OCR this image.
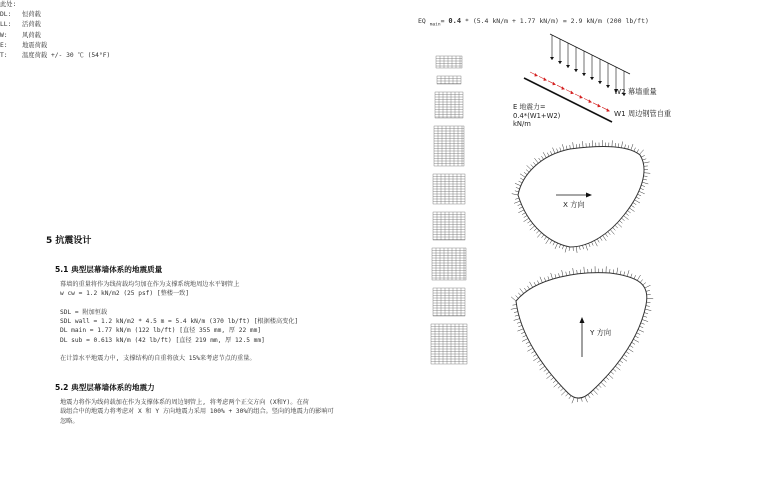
此处:
DL:	恒荷载
LL:	活荷载
W:	风荷载
E:	地震荷载
T:	温度荷载 +/- 30 ℃ (54°F)
5 抗震设计
5.1 典型层幕墙体系的地震质量
幕墙的重量将作为线荷载均匀加在作为支撑系统地周边水平钢管上
w cw = 1.2 kN/m2 (25 psf) [整楼一致]
SDL = 附加恒载
SDL wall = 1.2 kN/m2 * 4.5 m = 5.4 kN/m (370 lb/ft) [根据楼高变化]
DL main = 1.77 kN/m (122 lb/ft) [直径 355 mm, 厚 22 mm]
DL sub = 0.613 kN/m (42 lb/ft) [直径 219 mm, 厚 12.5 mm]
在计算水平地震力中, 支撑结构的自重将放大 15%来考虑节点的重量。
5.2 典型层幕墙体系的地震力
地震力将作为线荷载加在作为支撑体系的周边钢管上, 将考虑两个正交方向 (X和Y)。在荷
载组合中的地震力将考虑对 X 和 Y 方向地震力采用 100% + 30%的组合。竖向的地震力的影响可
忽略。
EQ $_{main}$= 0.4 * (5.4 kN/m + 1.77 kN/m) = 2.9 kN/m (200 lb/ft)
W2 幕墙重量
W1 周边钢管自重
E 地震力=
0.4*(W1+W2)
kN/m
X 方向
Y 方向
